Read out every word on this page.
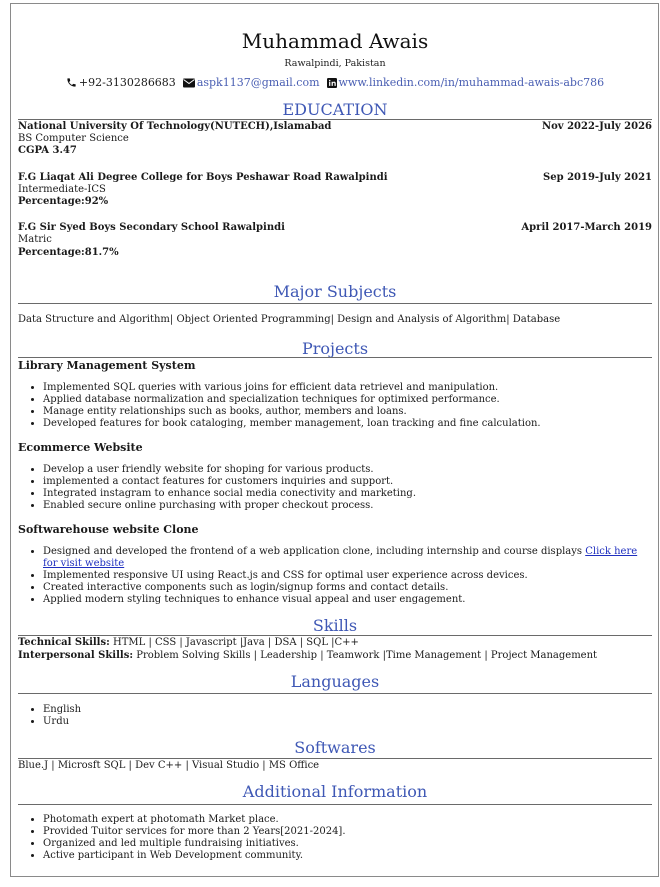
Muhammad Awais
Rawalpindi, Pakistan
+92-3130286683 aspk1137@gmail.com www.linkedin.com/in/muhammad-awais-abc786
EDUCATION
National University Of Technology(NUTECH),Islamabad	Nov 2022-July 2026
BS Computer Science
CGPA 3.47
F.G Liaqat Ali Degree College for Boys Peshawar Road Rawalpindi	Sep 2019-July 2021
Intermediate-ICS
Percentage:92%
F.G Sir Syed Boys Secondary School Rawalpindi	April 2017-March 2019
Matric
Percentage:81.7%
Major Subjects
Data Structure and Algorithm| Object Oriented Programming| Design and Analysis of Algorithm| Database
Projects
Library Management System
• Implemented SQL queries with various joins for efficient data retrievel and manipulation.
• Applied database normalization and specialization techniques for optimixed performance.
• Manage entity relationships such as books, author, members and loans.
• Developed features for book cataloging, member management, loan tracking and fine calculation.
Ecommerce Website
• Develop a user friendly website for shoping for various products.
• implemented a contact features for customers inquiries and support.
• Integrated instagram to enhance social media conectivity and marketing.
• Enabled secure online purchasing with proper checkout process.
Softwarehouse website Clone
• Designed and developed the frontend of a web application clone, including internship and course displays Click here for visit website
• Implemented responsive UI using React.js and CSS for optimal user experience across devices.
• Created interactive components such as login/signup forms and contact details.
• Applied modern styling techniques to enhance visual appeal and user engagement.
Skills
Technical Skills: HTML | CSS | Javascript |Java | DSA | SQL |C++
Interpersonal Skills: Problem Solving Skills | Leadership | Teamwork |Time Management | Project Management
Languages
• English
• Urdu
Softwares
Blue.J | Microsft SQL | Dev C++ | Visual Studio | MS Office
Additional Information
• Photomath expert at photomath Market place.
• Provided Tuitor services for more than 2 Years[2021-2024].
• Organized and led multiple fundraising initiatives.
• Active participant in Web Development community.
